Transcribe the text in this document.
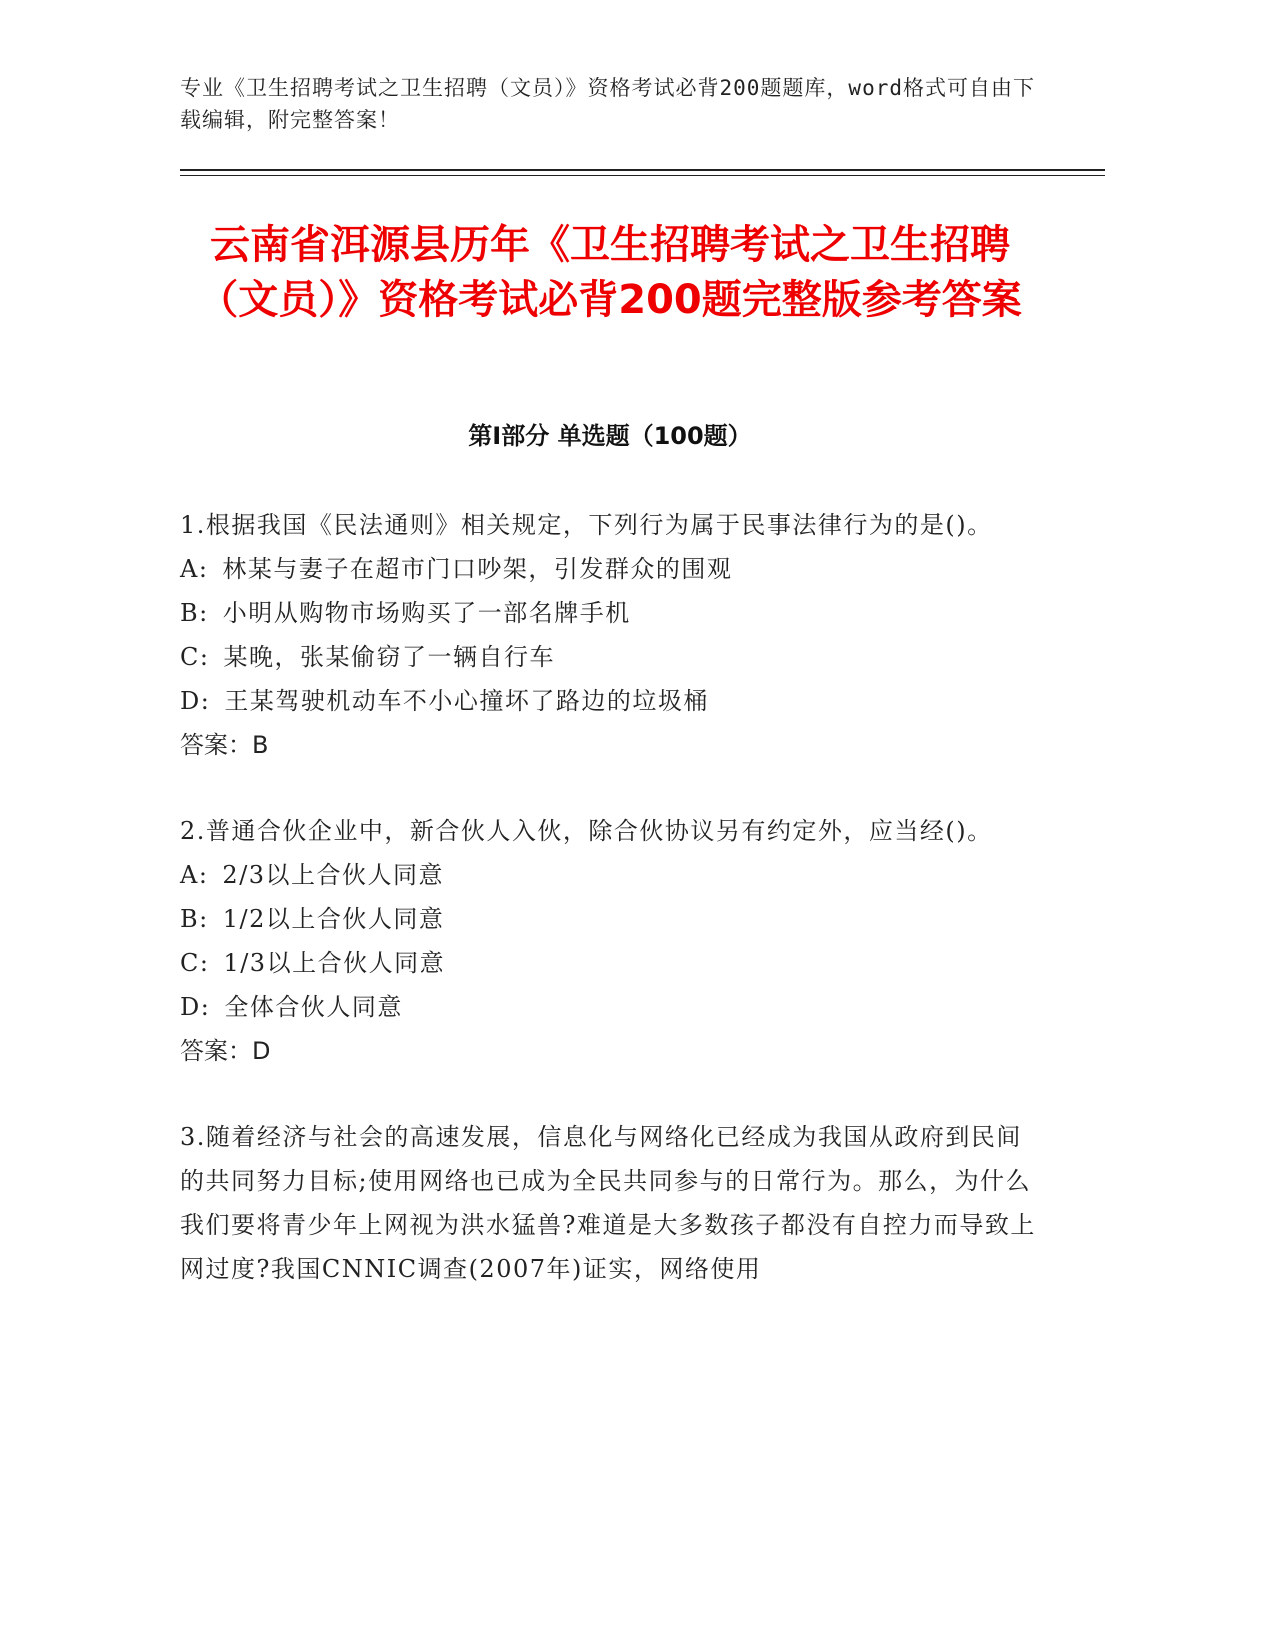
专业《卫生招聘考试之卫生招聘（文员）》资格考试必背200题题库，word格式可自由下载编辑，附完整答案！
云南省洱源县历年《卫生招聘考试之卫生招聘（文员）》资格考试必背200题完整版参考答案
第I部分 单选题（100题）

1.根据我国《民法通则》相关规定，下列行为属于民事法律行为的是()。

A: 林某与妻子在超市门口吵架，引发群众的围观

B: 小明从购物市场购买了一部名牌手机

C: 某晚，张某偷窃了一辆自行车

D: 王某驾驶机动车不小心撞坏了路边的垃圾桶

答案：B

2.普通合伙企业中，新合伙人入伙，除合伙协议另有约定外，应当经()。

A: 2/3以上合伙人同意

B: 1/2以上合伙人同意

C: 1/3以上合伙人同意

D: 全体合伙人同意

答案：D

3.随着经济与社会的高速发展，信息化与网络化已经成为我国从政府到民间的共同努力目标;使用网络也已成为全民共同参与的日常行为。那么，为什么我们要将青少年上网视为洪水猛兽?难道是大多数孩子都没有自控力而导致上网过度?我国CNNIC调查(2007年)证实，网络使用
